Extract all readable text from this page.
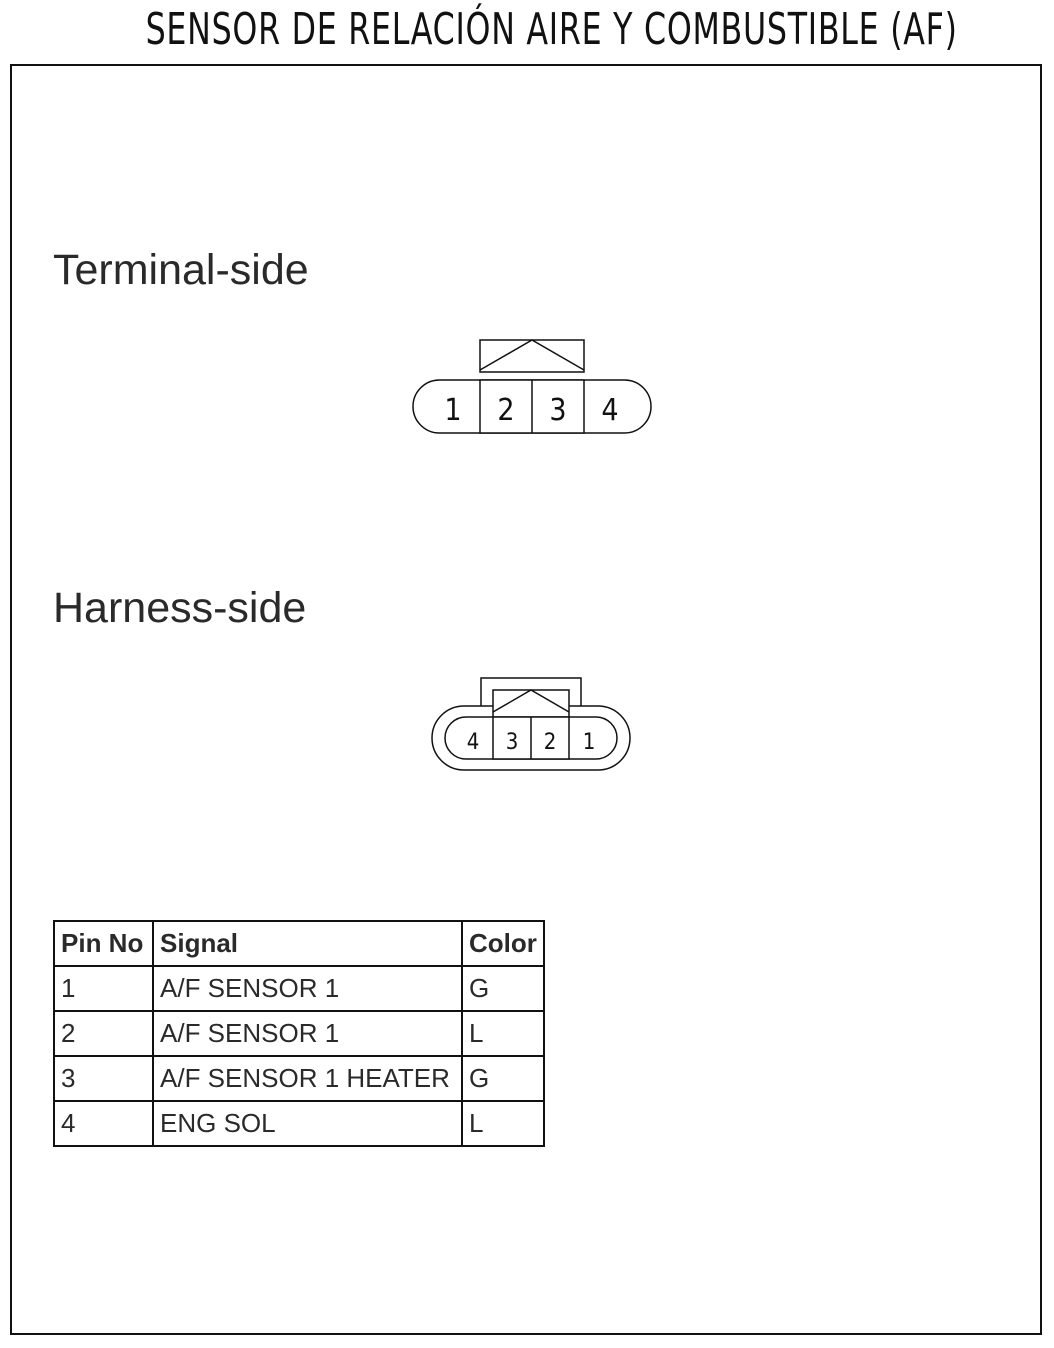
SENSOR DE RELACIÓN AIRE Y COMBUSTIBLE (AF)
Terminal-side
1 2 3 4
Harness-side
4 3 2 1
Pin No	Signal	Color
1	A/F SENSOR 1	G
2	A/F SENSOR 1	L
3	A/F SENSOR 1 HEATER	G
4	ENG SOL	L
